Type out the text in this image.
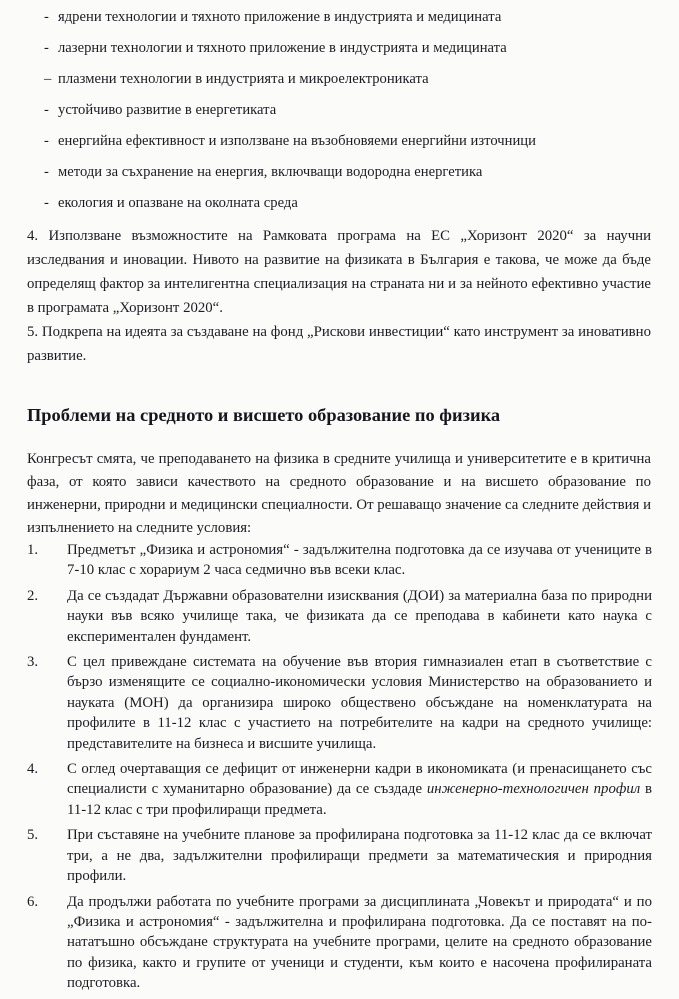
- ядрени технологии и тяхното приложение в индустрията и медицината
- лазерни технологии и тяхното приложение в индустрията и медицината
– плазмени технологии в индустрията и микроелектрониката
- устойчиво развитие в енергетиката
- енергийна ефективност и използване на възобновяеми енергийни източници
- методи за съхранение на енергия, включващи водородна енергетика
- екология и опазване на околната среда
4. Използване възможностите на Рамковата програма на ЕС „Хоризонт 2020“ за научни изследвания и иновации. Нивото на развитие на физиката в България е такова, че може да бъде определящ фактор за интелигентна специализация на страната ни и за нейното ефективно участие в програмата „Хоризонт 2020“.
5. Подкрепа на идеята за създаване на фонд „Рискови инвестиции“ като инструмент за иновативно развитие.
Проблеми на средното и висшето образование по физика
Конгресът смята, че преподаването на физика в средните училища и университетите е в критична фаза, от която зависи качеството на средното образование и на висшето образование по инженерни, природни и медицински специалности. От решаващо значение са следните действия и изпълнението на следните условия:
1.	Предметът „Физика и астрономия“ - задължителна подготовка да се изучава от учениците в 7-10 клас с хорариум 2 часа седмично във всеки клас.
2.	Да се създадат Държавни образователни изисквания (ДОИ) за материална база по природни науки във всяко училище така, че физиката да се преподава в кабинети като наука с експериментален фундамент.
3.	С цел привеждане системата на обучение във втория гимназиален етап в съответствие с бързо изменящите се социално-икономически условия Министерство на образованието и науката (МОН) да организира широко обществено обсъждане на номенклатурата на профилите в 11-12 клас с участието на потребителите на кадри на средното училище: представителите на бизнеса и висшите училища.
4.	С оглед очертаващия се дефицит от инженерни кадри в икономиката (и пренасищането със специалисти с хуманитарно образование) да се създаде инженерно-технологичен профил в 11-12 клас с три профилиращи предмета.
5.	При съставяне на учебните планове за профилирана подготовка за 11-12 клас да се включат три, а не два, задължителни профилиращи предмети за математическия и природния профили.
6.	Да продължи работата по учебните програми за дисциплината „Човекът и природата“ и по „Физика и астрономия“ - задължителна и профилирана подготовка. Да се поставят на по-нататъшно обсъждане структурата на учебните програми, целите на средното образование по физика, както и групите от ученици и студенти, към които е насочена профилираната подготовка.
